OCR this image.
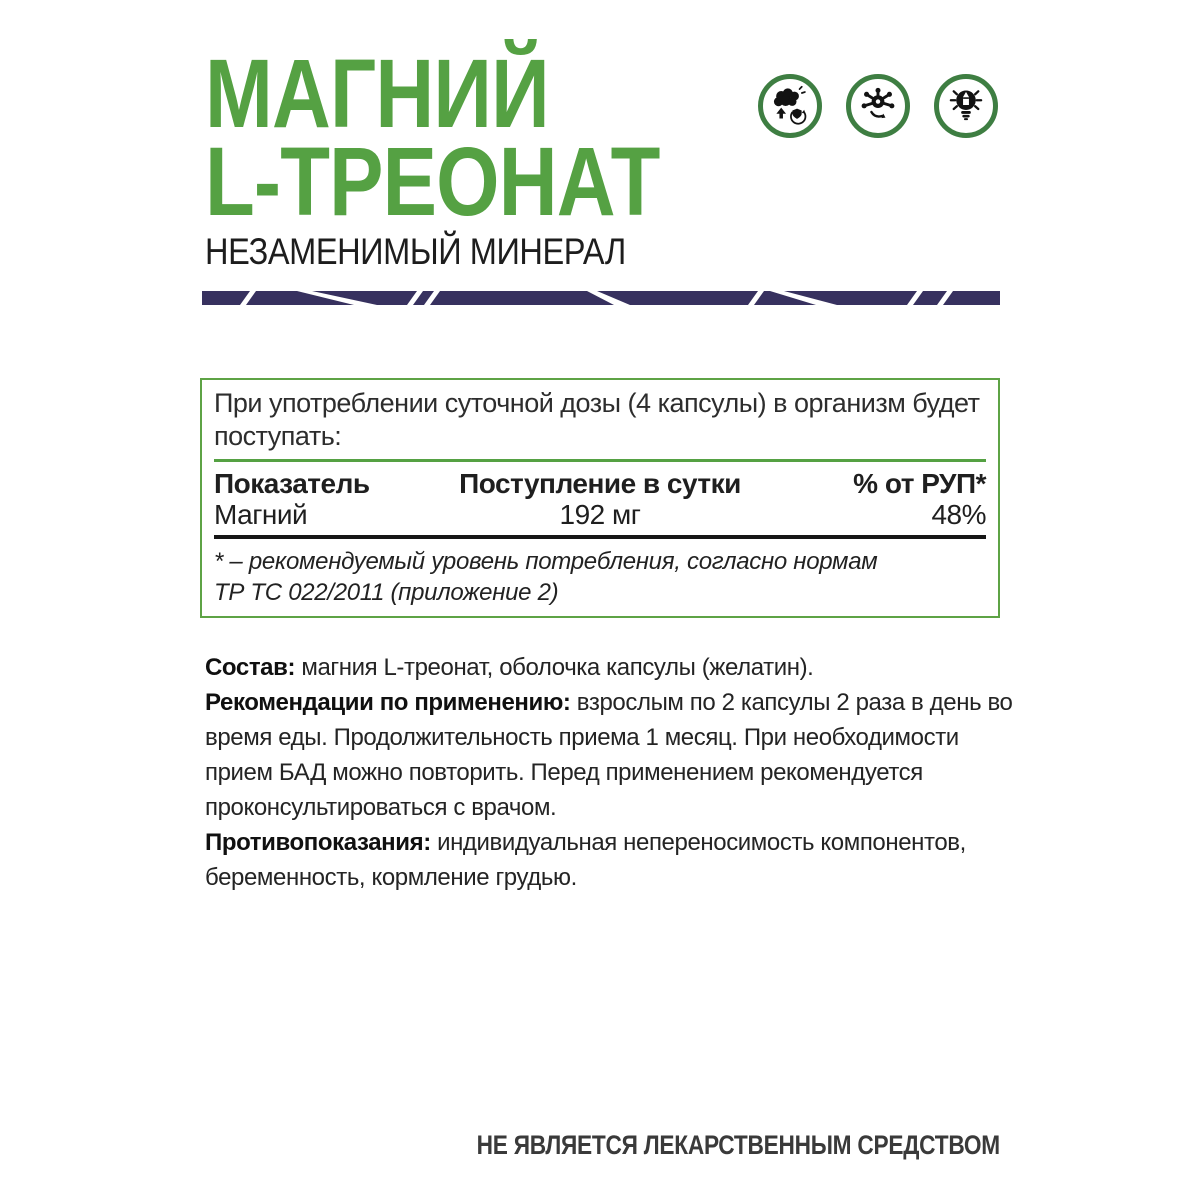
МАГНИЙ
L-ТРЕОНАТ
НЕЗАМЕНИМЫЙ МИНЕРАЛ
При употреблении суточной дозы (4 капсулы) в организм будет поступать:
Показатель	Поступление в сутки	% от РУП*
Магний	192 мг	48%
* – рекомендуемый уровень потребления, согласно нормам ТР ТС 022/2011 (приложение 2)

Состав: магния L-треонат, оболочка капсулы (желатин).

Рекомендации по применению: взрослым по 2 капсулы 2 раза в день во время еды. Продолжительность приема 1 месяц. При необходимости прием БАД можно повторить. Перед применением рекомендуется проконсультироваться с врачом.

Противопоказания: индивидуальная непереносимость компонентов, беременность, кормление грудью.

НЕ ЯВЛЯЕТСЯ ЛЕКАРСТВЕННЫМ СРЕДСТВОМ
